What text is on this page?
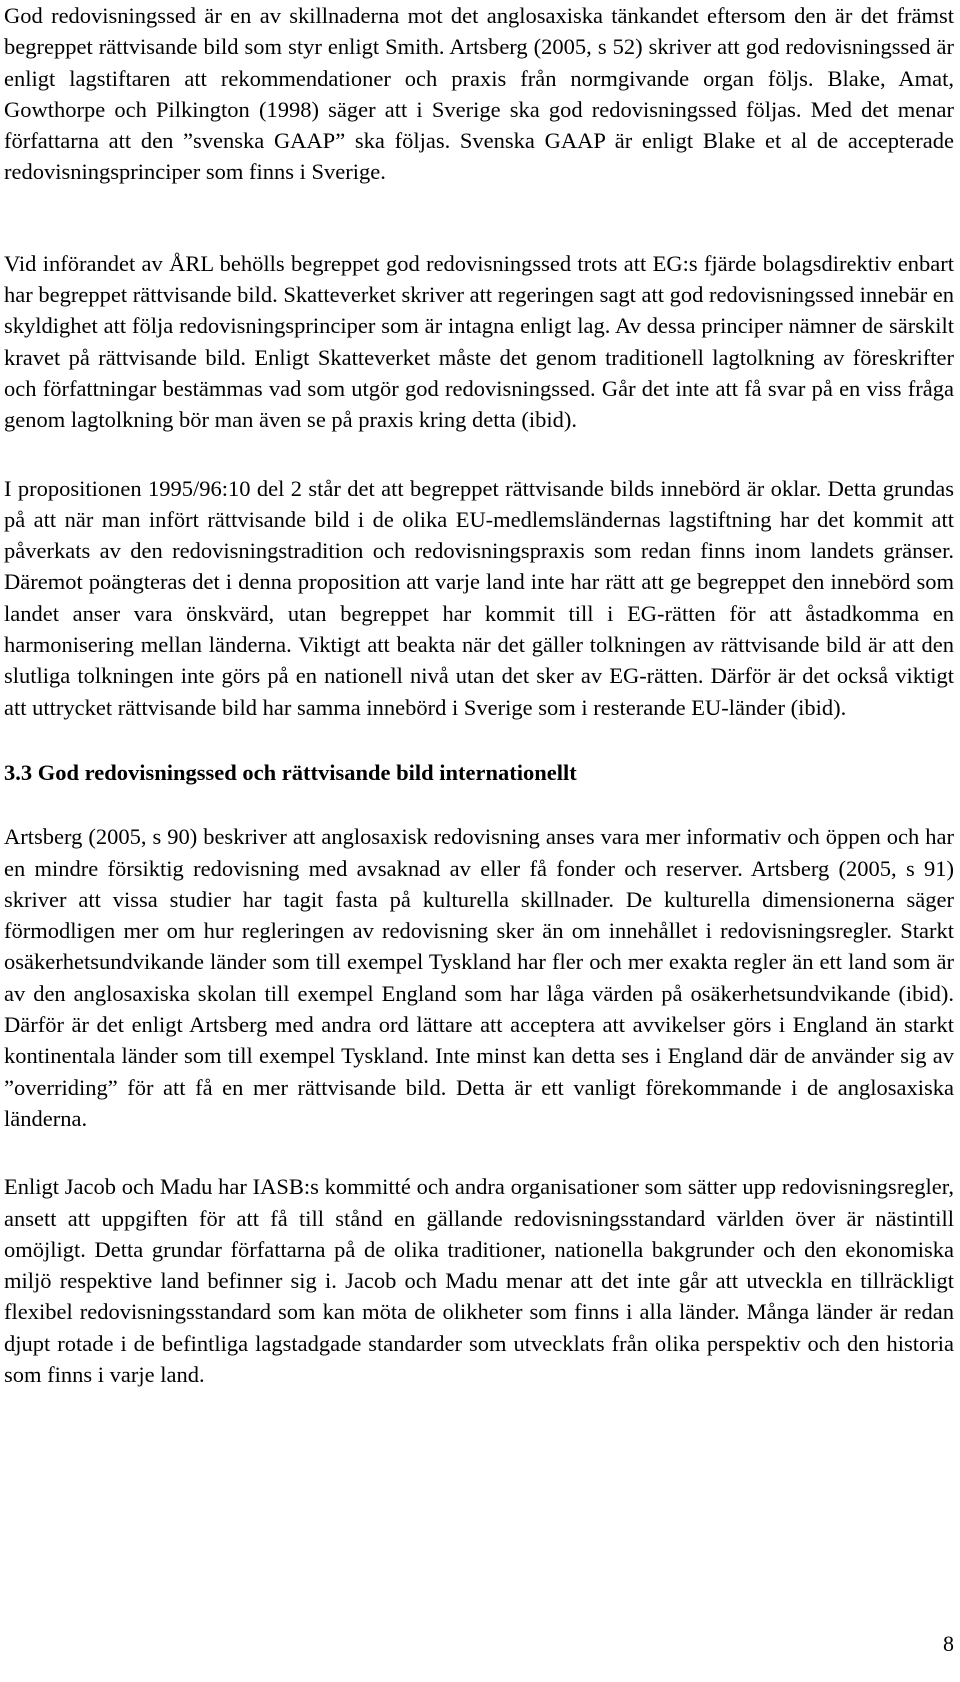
God redovisningssed är en av skillnaderna mot det anglosaxiska tänkandet eftersom den är det främst begreppet rättvisande bild som styr enligt Smith. Artsberg (2005, s 52) skriver att god redovisningssed är enligt lagstiftaren att rekommendationer och praxis från normgivande organ följs. Blake, Amat, Gowthorpe och Pilkington (1998) säger att i Sverige ska god redovisningssed följas. Med det menar författarna att den ”svenska GAAP” ska följas. Svenska GAAP är enligt Blake et al de accepterade redovisningsprinciper som finns i Sverige.

Vid införandet av ÅRL behölls begreppet god redovisningssed trots att EG:s fjärde bolagsdirektiv enbart har begreppet rättvisande bild. Skatteverket skriver att regeringen sagt att god redovisningssed innebär en skyldighet att följa redovisningsprinciper som är intagna enligt lag. Av dessa principer nämner de särskilt kravet på rättvisande bild. Enligt Skatteverket måste det genom traditionell lagtolkning av föreskrifter och författningar bestämmas vad som utgör god redovisningssed. Går det inte att få svar på en viss fråga genom lagtolkning bör man även se på praxis kring detta (ibid).

I propositionen 1995/96:10 del 2 står det att begreppet rättvisande bilds innebörd är oklar. Detta grundas på att när man infört rättvisande bild i de olika EU-medlemsländernas lagstiftning har det kommit att påverkats av den redovisningstradition och redovisningspraxis som redan finns inom landets gränser. Däremot poängteras det i denna proposition att varje land inte har rätt att ge begreppet den innebörd som landet anser vara önskvärd, utan begreppet har kommit till i EG-rätten för att åstadkomma en harmonisering mellan länderna. Viktigt att beakta när det gäller tolkningen av rättvisande bild är att den slutliga tolkningen inte görs på en nationell nivå utan det sker av EG-rätten. Därför är det också viktigt att uttrycket rättvisande bild har samma innebörd i Sverige som i resterande EU-länder (ibid).

3.3 God redovisningssed och rättvisande bild internationellt

Artsberg (2005, s 90) beskriver att anglosaxisk redovisning anses vara mer informativ och öppen och har en mindre försiktig redovisning med avsaknad av eller få fonder och reserver. Artsberg (2005, s 91) skriver att vissa studier har tagit fasta på kulturella skillnader. De kulturella dimensionerna säger förmodligen mer om hur regleringen av redovisning sker än om innehållet i redovisningsregler. Starkt osäkerhetsundvikande länder som till exempel Tyskland har fler och mer exakta regler än ett land som är av den anglosaxiska skolan till exempel England som har låga värden på osäkerhetsundvikande (ibid). Därför är det enligt Artsberg med andra ord lättare att acceptera att avvikelser görs i England än starkt kontinentala länder som till exempel Tyskland. Inte minst kan detta ses i England där de använder sig av ”overriding” för att få en mer rättvisande bild. Detta är ett vanligt förekommande i de anglosaxiska länderna.

Enligt Jacob och Madu har IASB:s kommitté och andra organisationer som sätter upp redovisningsregler, ansett att uppgiften för att få till stånd en gällande redovisningsstandard världen över är nästintill omöjligt. Detta grundar författarna på de olika traditioner, nationella bakgrunder och den ekonomiska miljö respektive land befinner sig i. Jacob och Madu menar att det inte går att utveckla en tillräckligt flexibel redovisningsstandard som kan möta de olikheter som finns i alla länder. Många länder är redan djupt rotade i de befintliga lagstadgade standarder som utvecklats från olika perspektiv och den historia som finns i varje land.

8
